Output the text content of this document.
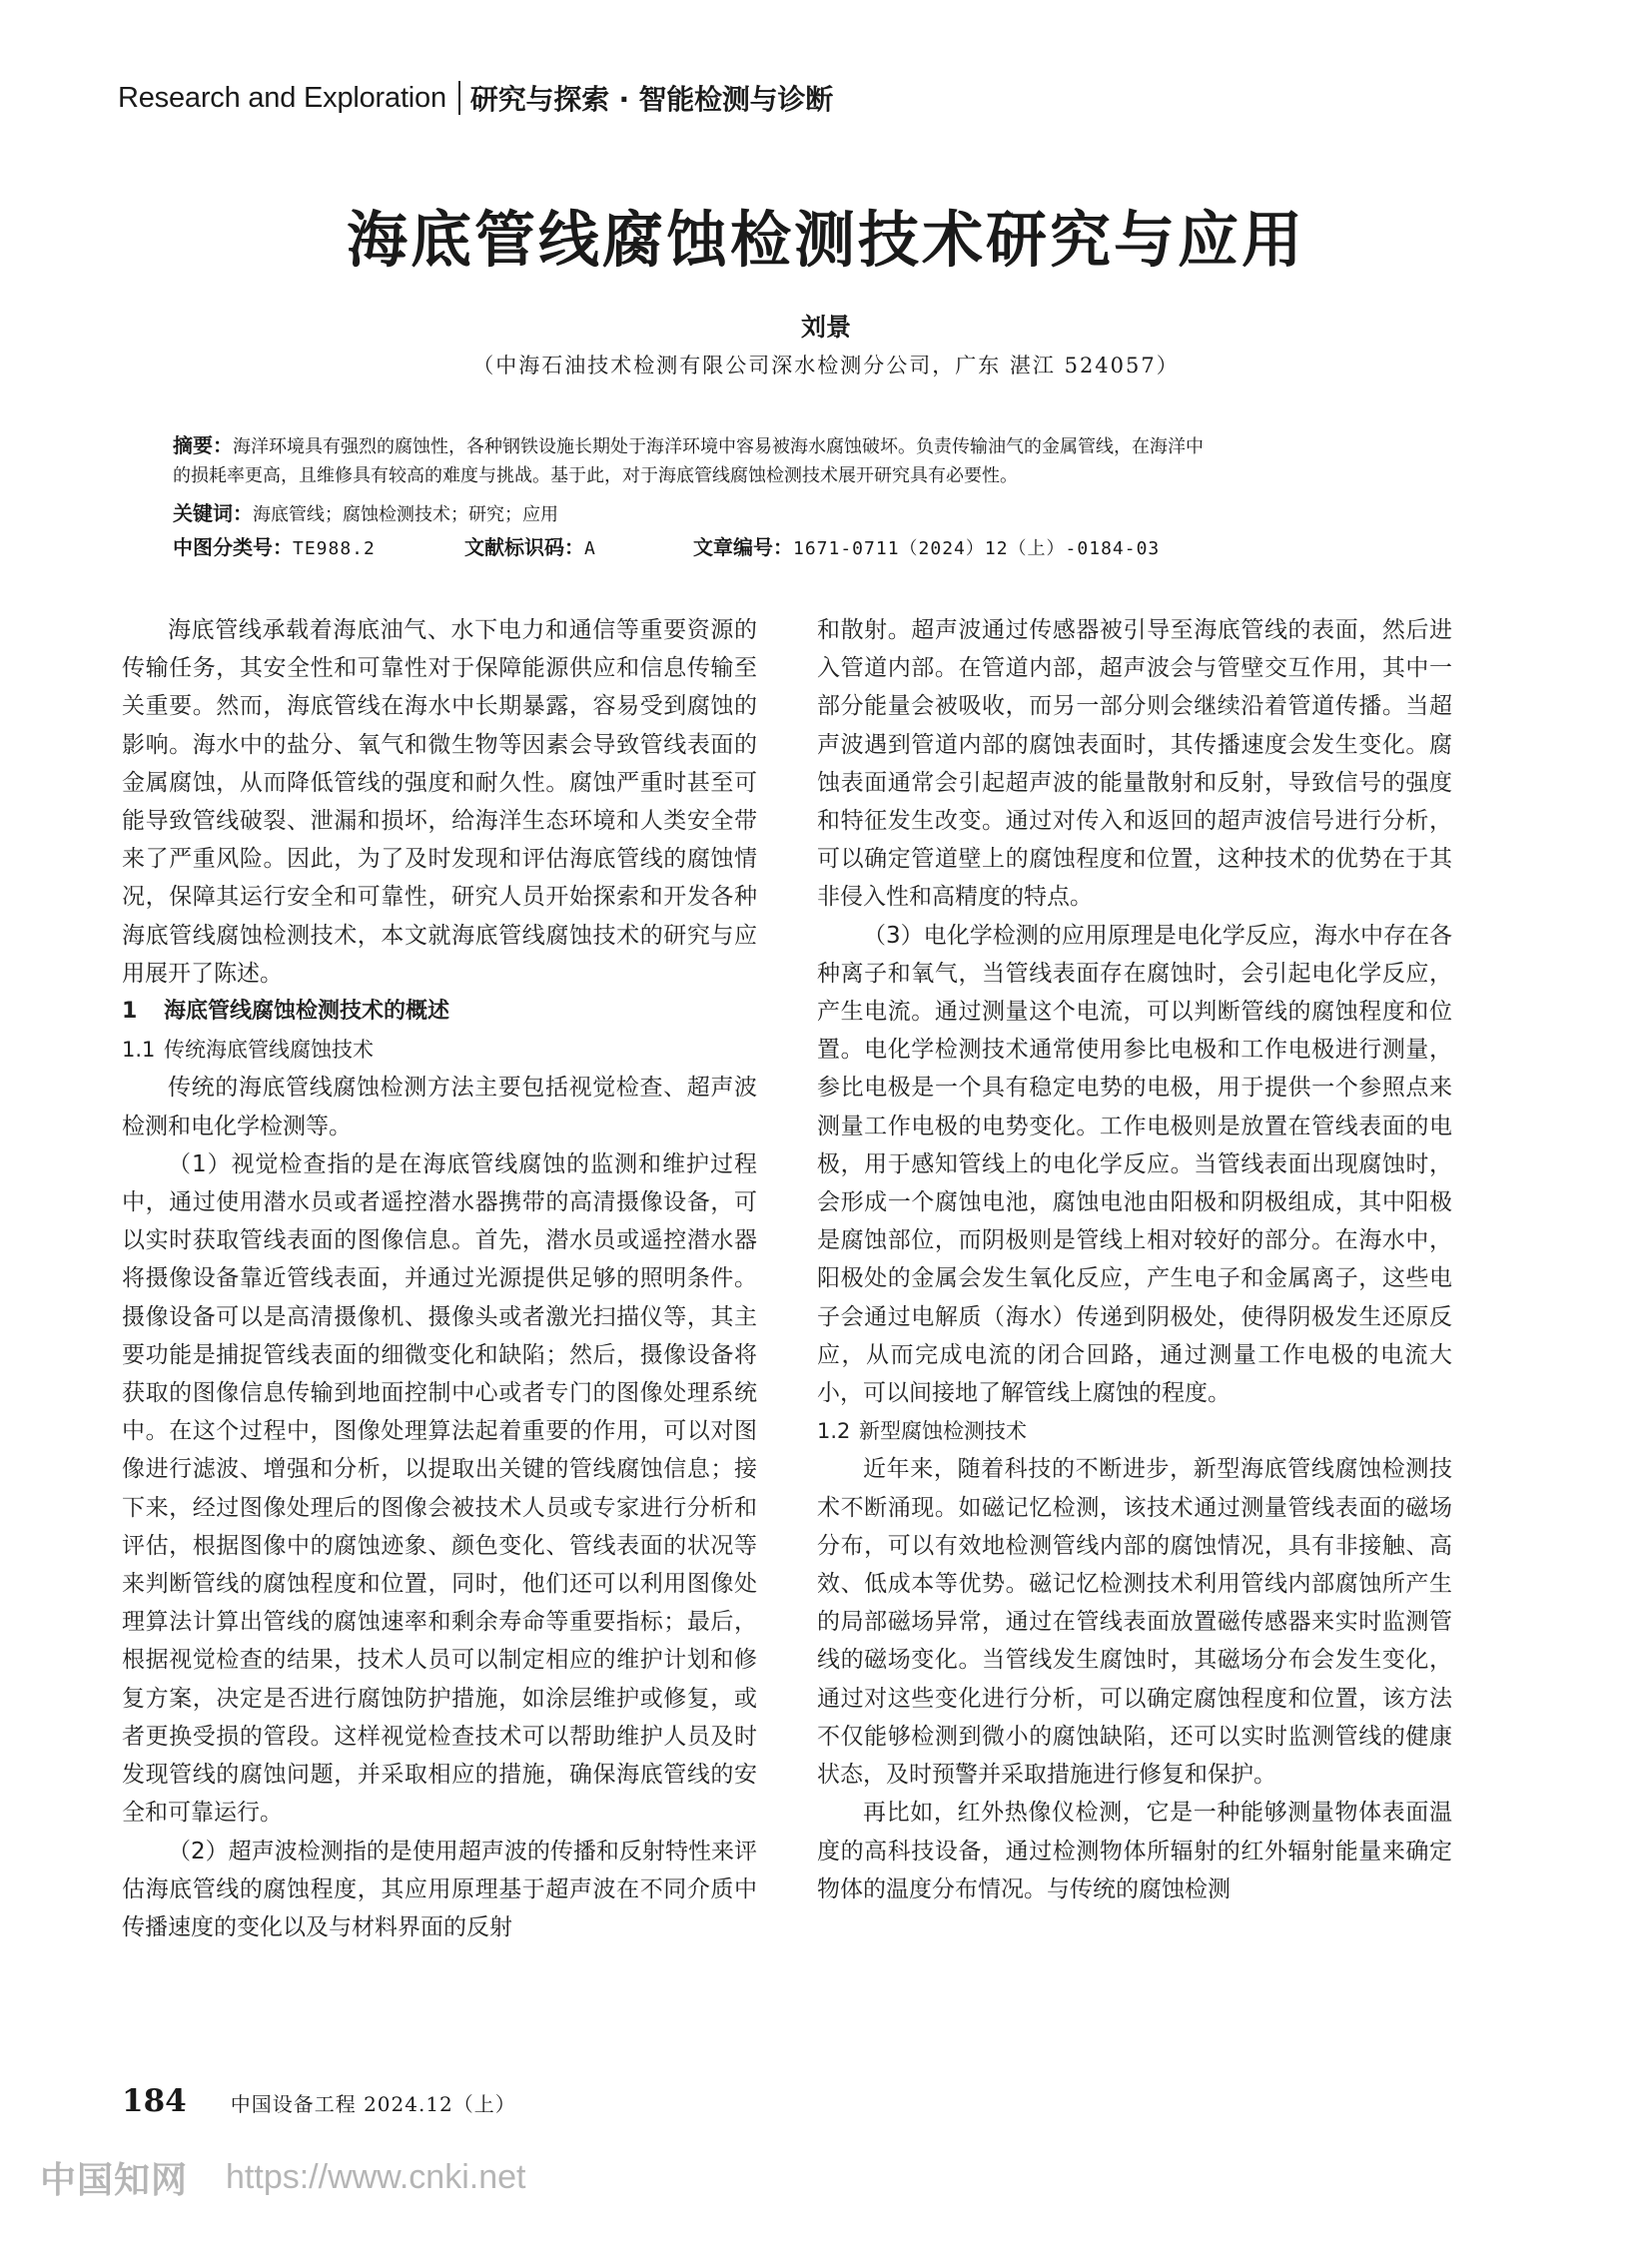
Research and Exploration 研究与探索 · 智能检测与诊断
海底管线腐蚀检测技术研究与应用
刘景
（中海石油技术检测有限公司深水检测分公司，广东 湛江 524057）
摘要：海洋环境具有强烈的腐蚀性，各种钢铁设施长期处于海洋环境中容易被海水腐蚀破坏。负责传输油气的金属管线，在海洋中
的损耗率更高，且维修具有较高的难度与挑战。基于此，对于海底管线腐蚀检测技术展开研究具有必要性。
关键词：海底管线；腐蚀检测技术；研究；应用
中图分类号：TE988.2	文献标识码：A	文章编号：1671-0711（2024）12（上）-0184-03

海底管线承载着海底油气、水下电力和通信等重要资源的传输任务，其安全性和可靠性对于保障能源供应和信息传输至关重要。然而，海底管线在海水中长期暴露，容易受到腐蚀的影响。海水中的盐分、氧气和微生物等因素会导致管线表面的金属腐蚀，从而降低管线的强度和耐久性。腐蚀严重时甚至可能导致管线破裂、泄漏和损坏，给海洋生态环境和人类安全带来了严重风险。因此，为了及时发现和评估海底管线的腐蚀情况，保障其运行安全和可靠性，研究人员开始探索和开发各种海底管线腐蚀检测技术，本文就海底管线腐蚀技术的研究与应用展开了陈述。

1 海底管线腐蚀检测技术的概述
1.1 传统海底管线腐蚀技术

传统的海底管线腐蚀检测方法主要包括视觉检查、超声波检测和电化学检测等。

（1）视觉检查指的是在海底管线腐蚀的监测和维护过程中，通过使用潜水员或者遥控潜水器携带的高清摄像设备，可以实时获取管线表面的图像信息。首先，潜水员或遥控潜水器将摄像设备靠近管线表面，并通过光源提供足够的照明条件。摄像设备可以是高清摄像机、摄像头或者激光扫描仪等，其主要功能是捕捉管线表面的细微变化和缺陷；然后，摄像设备将获取的图像信息传输到地面控制中心或者专门的图像处理系统中。在这个过程中，图像处理算法起着重要的作用，可以对图像进行滤波、增强和分析，以提取出关键的管线腐蚀信息；接下来，经过图像处理后的图像会被技术人员或专家进行分析和评估，根据图像中的腐蚀迹象、颜色变化、管线表面的状况等来判断管线的腐蚀程度和位置，同时，他们还可以利用图像处理算法计算出管线的腐蚀速率和剩余寿命等重要指标；最后，根据视觉检查的结果，技术人员可以制定相应的维护计划和修复方案，决定是否进行腐蚀防护措施，如涂层维护或修复，或者更换受损的管段。这样视觉检查技术可以帮助维护人员及时发现管线的腐蚀问题，并采取相应的措施，确保海底管线的安全和可靠运行。

（2）超声波检测指的是使用超声波的传播和反射特性来评估海底管线的腐蚀程度，其应用原理基于超声波在不同介质中传播速度的变化以及与材料界面的反射

和散射。超声波通过传感器被引导至海底管线的表面，然后进入管道内部。在管道内部，超声波会与管壁交互作用，其中一部分能量会被吸收，而另一部分则会继续沿着管道传播。当超声波遇到管道内部的腐蚀表面时，其传播速度会发生变化。腐蚀表面通常会引起超声波的能量散射和反射，导致信号的强度和特征发生改变。通过对传入和返回的超声波信号进行分析，可以确定管道壁上的腐蚀程度和位置，这种技术的优势在于其非侵入性和高精度的特点。

（3）电化学检测的应用原理是电化学反应，海水中存在各种离子和氧气，当管线表面存在腐蚀时，会引起电化学反应，产生电流。通过测量这个电流，可以判断管线的腐蚀程度和位置。电化学检测技术通常使用参比电极和工作电极进行测量，参比电极是一个具有稳定电势的电极，用于提供一个参照点来测量工作电极的电势变化。工作电极则是放置在管线表面的电极，用于感知管线上的电化学反应。当管线表面出现腐蚀时，会形成一个腐蚀电池，腐蚀电池由阳极和阴极组成，其中阳极是腐蚀部位，而阴极则是管线上相对较好的部分。在海水中，阳极处的金属会发生氧化反应，产生电子和金属离子，这些电子会通过电解质（海水）传递到阴极处，使得阴极发生还原反应，从而完成电流的闭合回路，通过测量工作电极的电流大小，可以间接地了解管线上腐蚀的程度。

1.2 新型腐蚀检测技术

近年来，随着科技的不断进步，新型海底管线腐蚀检测技术不断涌现。如磁记忆检测，该技术通过测量管线表面的磁场分布，可以有效地检测管线内部的腐蚀情况，具有非接触、高效、低成本等优势。磁记忆检测技术利用管线内部腐蚀所产生的局部磁场异常，通过在管线表面放置磁传感器来实时监测管线的磁场变化。当管线发生腐蚀时，其磁场分布会发生变化，通过对这些变化进行分析，可以确定腐蚀程度和位置，该方法不仅能够检测到微小的腐蚀缺陷，还可以实时监测管线的健康状态，及时预警并采取措施进行修复和保护。

再比如，红外热像仪检测，它是一种能够测量物体表面温度的高科技设备，通过检测物体所辐射的红外辐射能量来确定物体的温度分布情况。与传统的腐蚀检测

184 中国设备工程 2024.12（上）
中国知网 https://www.cnki.net
